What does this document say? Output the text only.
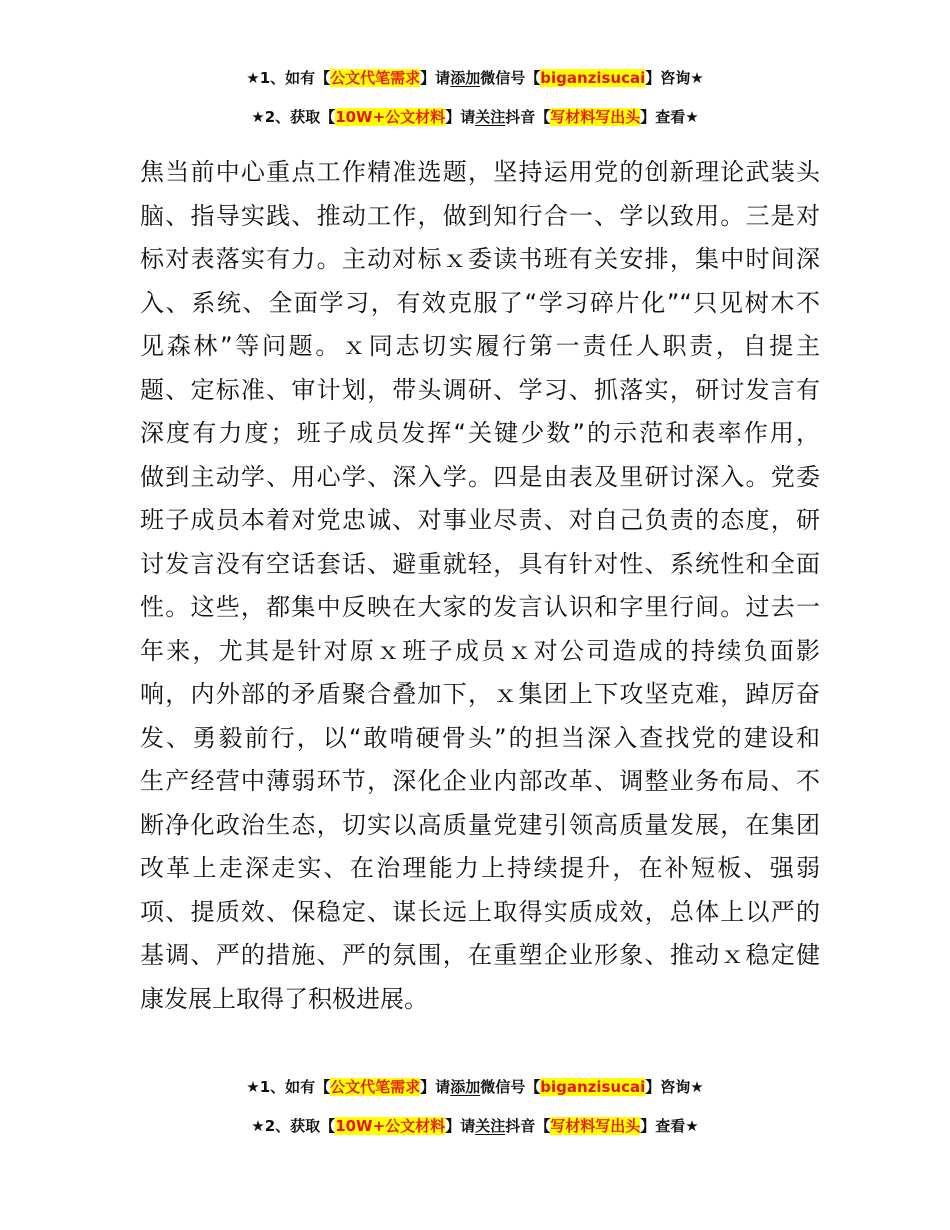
★1、如有【公文代笔需求】请添加微信号【biganzisucai】咨询★
★2、获取【10W+公文材料】请关注抖音【写材料写出头】查看★
焦当前中心重点工作精准选题，坚持运用党的创新理论武装头
脑、指导实践、推动工作，做到知行合一、学以致用。三是对
标对表落实有力。主动对标ｘ委读书班有关安排，集中时间深
入、系统、全面学习，有效克服了“学习碎片化”“只见树木不
见森林”等问题。ｘ同志切实履行第一责任人职责，自提主
题、定标准、审计划，带头调研、学习、抓落实，研讨发言有
深度有力度；班子成员发挥“关键少数”的示范和表率作用，
做到主动学、用心学、深入学。四是由表及里研讨深入。党委
班子成员本着对党忠诚、对事业尽责、对自己负责的态度，研
讨发言没有空话套话、避重就轻，具有针对性、系统性和全面
性。这些，都集中反映在大家的发言认识和字里行间。过去一
年来，尤其是针对原ｘ班子成员ｘ对公司造成的持续负面影
响，内外部的矛盾聚合叠加下，ｘ集团上下攻坚克难，踔厉奋
发、勇毅前行，以“敢啃硬骨头”的担当深入查找党的建设和
生产经营中薄弱环节，深化企业内部改革、调整业务布局、不
断净化政治生态，切实以高质量党建引领高质量发展，在集团
改革上走深走实、在治理能力上持续提升，在补短板、强弱
项、提质效、保稳定、谋长远上取得实质成效，总体上以严的
基调、严的措施、严的氛围，在重塑企业形象、推动ｘ稳定健
康发展上取得了积极进展。
★1、如有【公文代笔需求】请添加微信号【biganzisucai】咨询★
★2、获取【10W+公文材料】请关注抖音【写材料写出头】查看★
